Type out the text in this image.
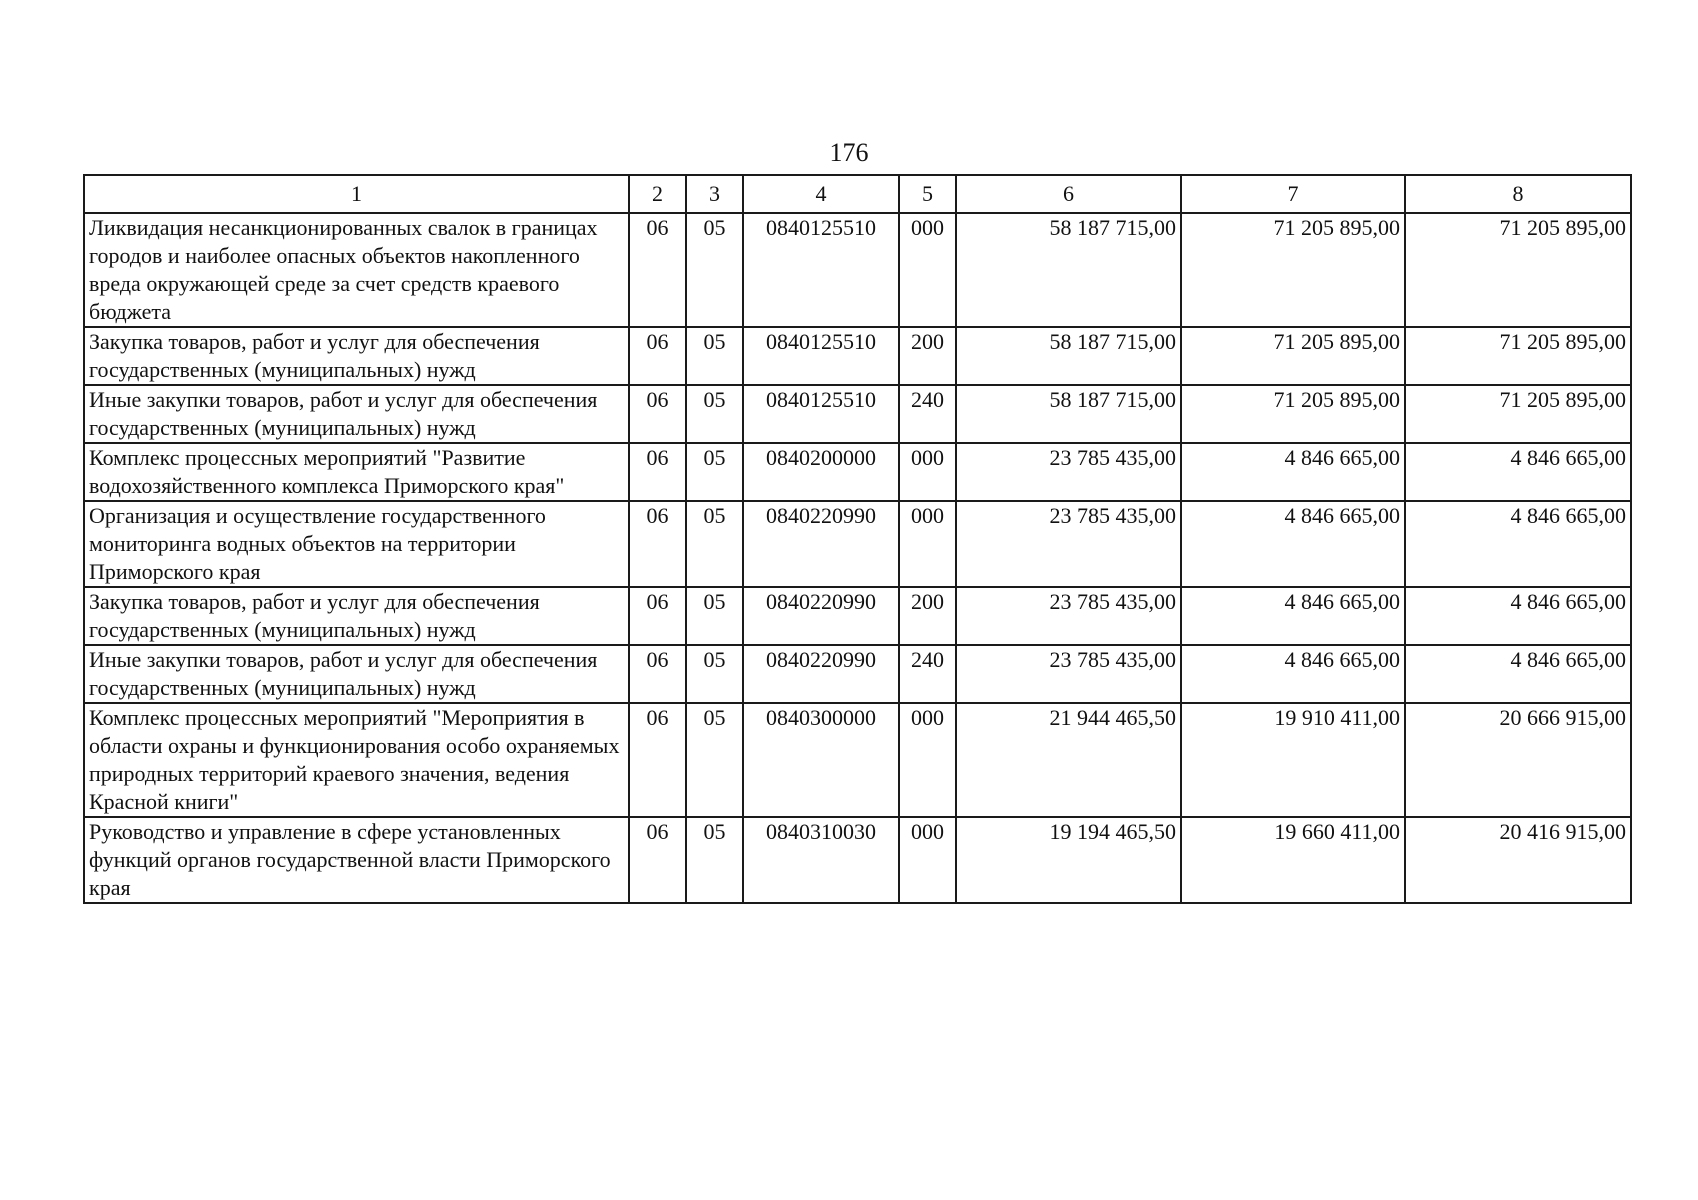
176
1	2	3	4	5	6	7	8
Ликвидация несанкционированных свалок в границах городов и наиболее опасных объектов накопленного вреда окружающей среде за счет средств краевого бюджета	06	05	0840125510	000	58 187 715,00	71 205 895,00	71 205 895,00
Закупка товаров, работ и услуг для обеспечения государственных (муниципальных) нужд	06	05	0840125510	200	58 187 715,00	71 205 895,00	71 205 895,00
Иные закупки товаров, работ и услуг для обеспечения государственных (муниципальных) нужд	06	05	0840125510	240	58 187 715,00	71 205 895,00	71 205 895,00
Комплекс процессных мероприятий "Развитие водохозяйственного комплекса Приморского края"	06	05	0840200000	000	23 785 435,00	4 846 665,00	4 846 665,00
Организация и осуществление государственного мониторинга водных объектов на территории Приморского края	06	05	0840220990	000	23 785 435,00	4 846 665,00	4 846 665,00
Закупка товаров, работ и услуг для обеспечения государственных (муниципальных) нужд	06	05	0840220990	200	23 785 435,00	4 846 665,00	4 846 665,00
Иные закупки товаров, работ и услуг для обеспечения государственных (муниципальных) нужд	06	05	0840220990	240	23 785 435,00	4 846 665,00	4 846 665,00
Комплекс процессных мероприятий "Мероприятия в области охраны и функционирования особо охраняемых природных территорий краевого значения, ведения Красной книги"	06	05	0840300000	000	21 944 465,50	19 910 411,00	20 666 915,00
Руководство и управление в сфере установленных функций органов государственной власти Приморского края	06	05	0840310030	000	19 194 465,50	19 660 411,00	20 416 915,00
